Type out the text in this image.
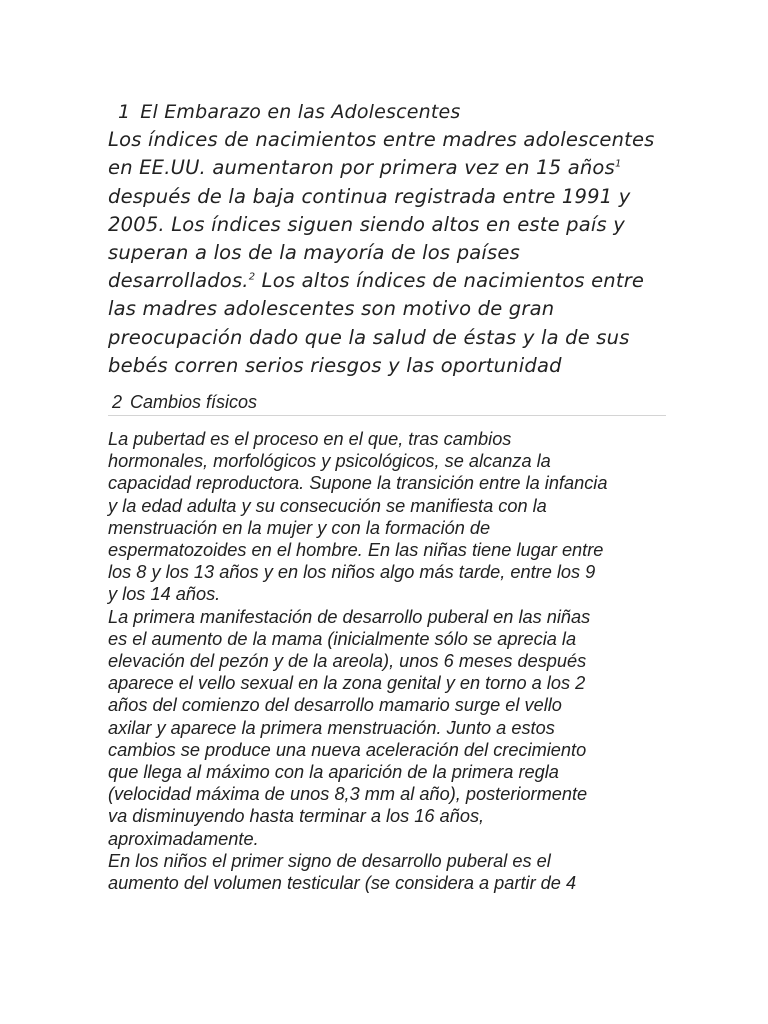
1 El Embarazo en las Adolescentes
Los índices de nacimientos entre madres adolescentes
en EE.UU. aumentaron por primera vez en 15 años$^1$
después de la baja continua registrada entre 1991 y
2005. Los índices siguen siendo altos en este país y
superan a los de la mayoría de los países
desarrollados.$^2$ Los altos índices de nacimientos entre
las madres adolescentes son motivo de gran
preocupación dado que la salud de éstas y la de sus
bebés corren serios riesgos y las oportunidad
2 Cambios físicos
La pubertad es el proceso en el que, tras cambios
hormonales, morfológicos y psicológicos, se alcanza la
capacidad reproductora. Supone la transición entre la infancia
y la edad adulta y su consecución se manifiesta con la
menstruación en la mujer y con la formación de
espermatozoides en el hombre. En las niñas tiene lugar entre
los 8 y los 13 años y en los niños algo más tarde, entre los 9
y los 14 años.
La primera manifestación de desarrollo puberal en las niñas
es el aumento de la mama (inicialmente sólo se aprecia la
elevación del pezón y de la areola), unos 6 meses después
aparece el vello sexual en la zona genital y en torno a los 2
años del comienzo del desarrollo mamario surge el vello
axilar y aparece la primera menstruación. Junto a estos
cambios se produce una nueva aceleración del crecimiento
que llega al máximo con la aparición de la primera regla
(velocidad máxima de unos 8,3 mm al año), posteriormente
va disminuyendo hasta terminar a los 16 años,
aproximadamente.
En los niños el primer signo de desarrollo puberal es el
aumento del volumen testicular (se considera a partir de 4
